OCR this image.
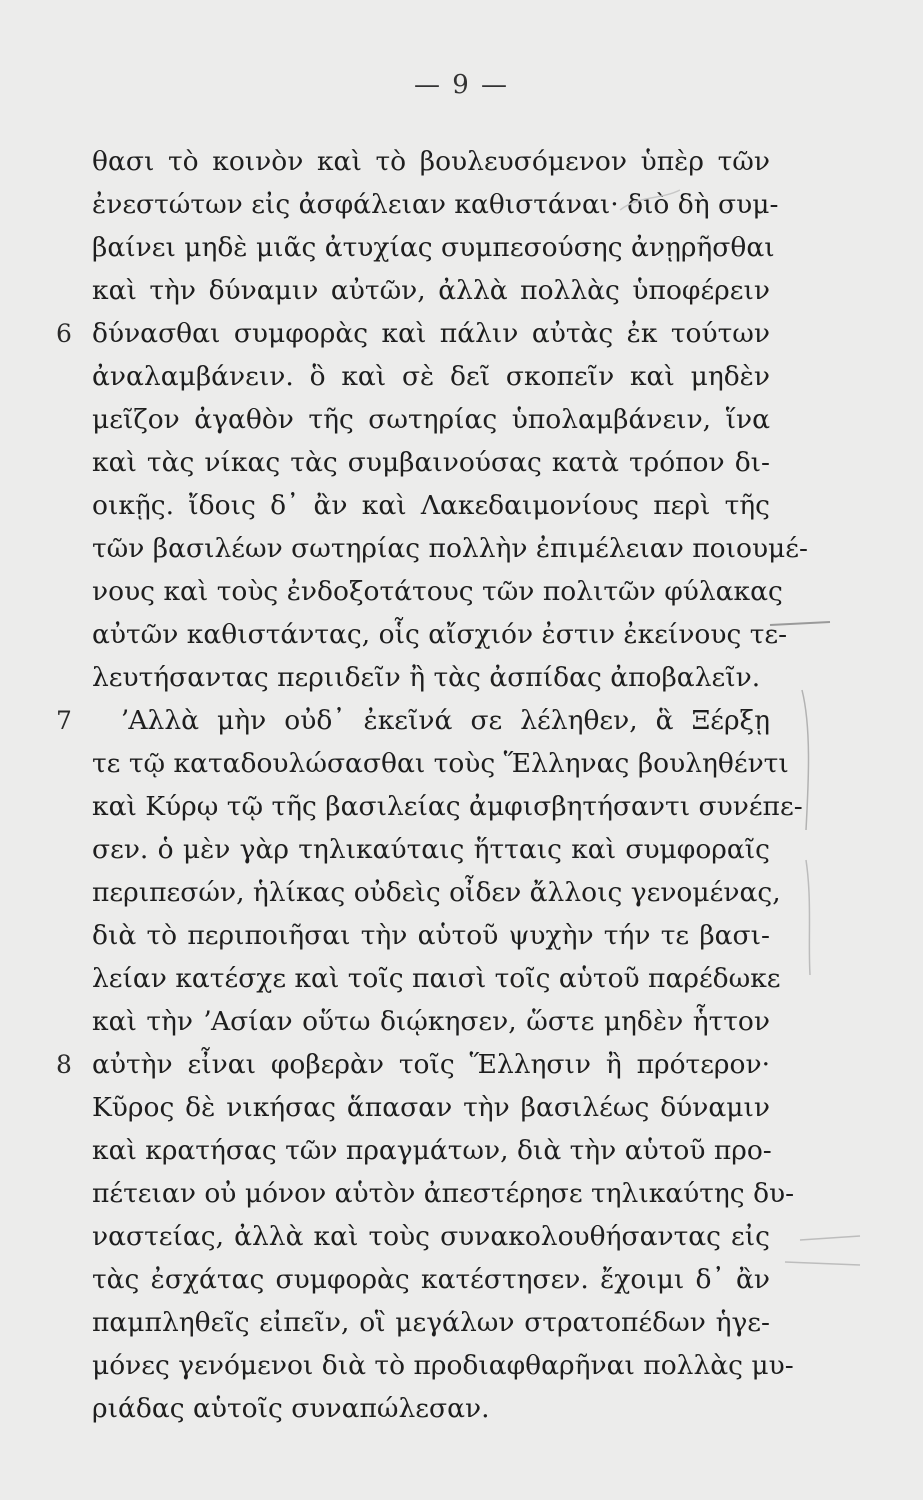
— 9 —
θασι τὸ κοινὸν καὶ τὸ βουλευσόμενον ὑπὲρ τῶν
ἐνεστώτων εἰς ἀσφάλειαν καθιστάναι· διὸ δὴ συμ-
βαίνει μηδὲ μιᾶς ἀτυχίας συμπεσούσης ἀνῃρῆσθαι
καὶ τὴν δύναμιν αὐτῶν, ἀλλὰ πολλὰς ὑποφέρειν
δύνασθαι συμφορὰς καὶ πάλιν αὐτὰς ἐκ τούτων
6
ἀναλαμβάνειν. ὃ καὶ σὲ δεῖ σκοπεῖν καὶ μηδὲν
μεῖζον ἀγαθὸν τῆς σωτηρίας ὑπολαμβάνειν, ἵνα
καὶ τὰς νίκας τὰς συμβαινούσας κατὰ τρόπον δι-
οικῇς. ἴδοις δ᾽ ἂν καὶ Λακεδαιμονίους περὶ τῆς
τῶν βασιλέων σωτηρίας πολλὴν ἐπιμέλειαν ποιουμέ-
νους καὶ τοὺς ἐνδοξοτάτους τῶν πολιτῶν φύλακας
αὐτῶν καθιστάντας, οἷς αἴσχιόν ἐστιν ἐκείνους τε-
λευτήσαντας περιιδεῖν ἢ τὰς ἀσπίδας ἀποβαλεῖν.
ʼΑλλὰ μὴν οὐδ᾽ ἐκεῖνά σε λέληθεν, ἃ Ξέρξῃ
7
τε τῷ καταδουλώσασθαι τοὺς Ἕλληνας βουληθέντι
καὶ Κύρῳ τῷ τῆς βασιλείας ἀμφισβητήσαντι συνέπε-
σεν. ὁ μὲν γὰρ τηλικαύταις ἥτταις καὶ συμφοραῖς
περιπεσών, ἡλίκας οὐδεὶς οἶδεν ἄλλοις γενομένας,
διὰ τὸ περιποιῆσαι τὴν αὑτοῦ ψυχὴν τήν τε βασι-
λείαν κατέσχε καὶ τοῖς παισὶ τοῖς αὑτοῦ παρέδωκε
καὶ τὴν ʼΑσίαν οὕτω διῴκησεν, ὥστε μηδὲν ἧττον
αὐτὴν εἶναι φοβερὰν τοῖς Ἕλλησιν ἢ πρότερον·
8
Κῦρος δὲ νικήσας ἅπασαν τὴν βασιλέως δύναμιν
καὶ κρατήσας τῶν πραγμάτων, διὰ τὴν αὑτοῦ προ-
πέτειαν οὐ μόνον αὑτὸν ἀπεστέρησε τηλικαύτης δυ-
ναστείας, ἀλλὰ καὶ τοὺς συνακολουθήσαντας εἰς
τὰς ἐσχάτας συμφορὰς κατέστησεν. ἔχοιμι δ᾽ ἂν
παμπληθεῖς εἰπεῖν, οἳ μεγάλων στρατοπέδων ἡγε-
μόνες γενόμενοι διὰ τὸ προδιαφθαρῆναι πολλὰς μυ-
ριάδας αὑτοῖς συναπώλεσαν.
